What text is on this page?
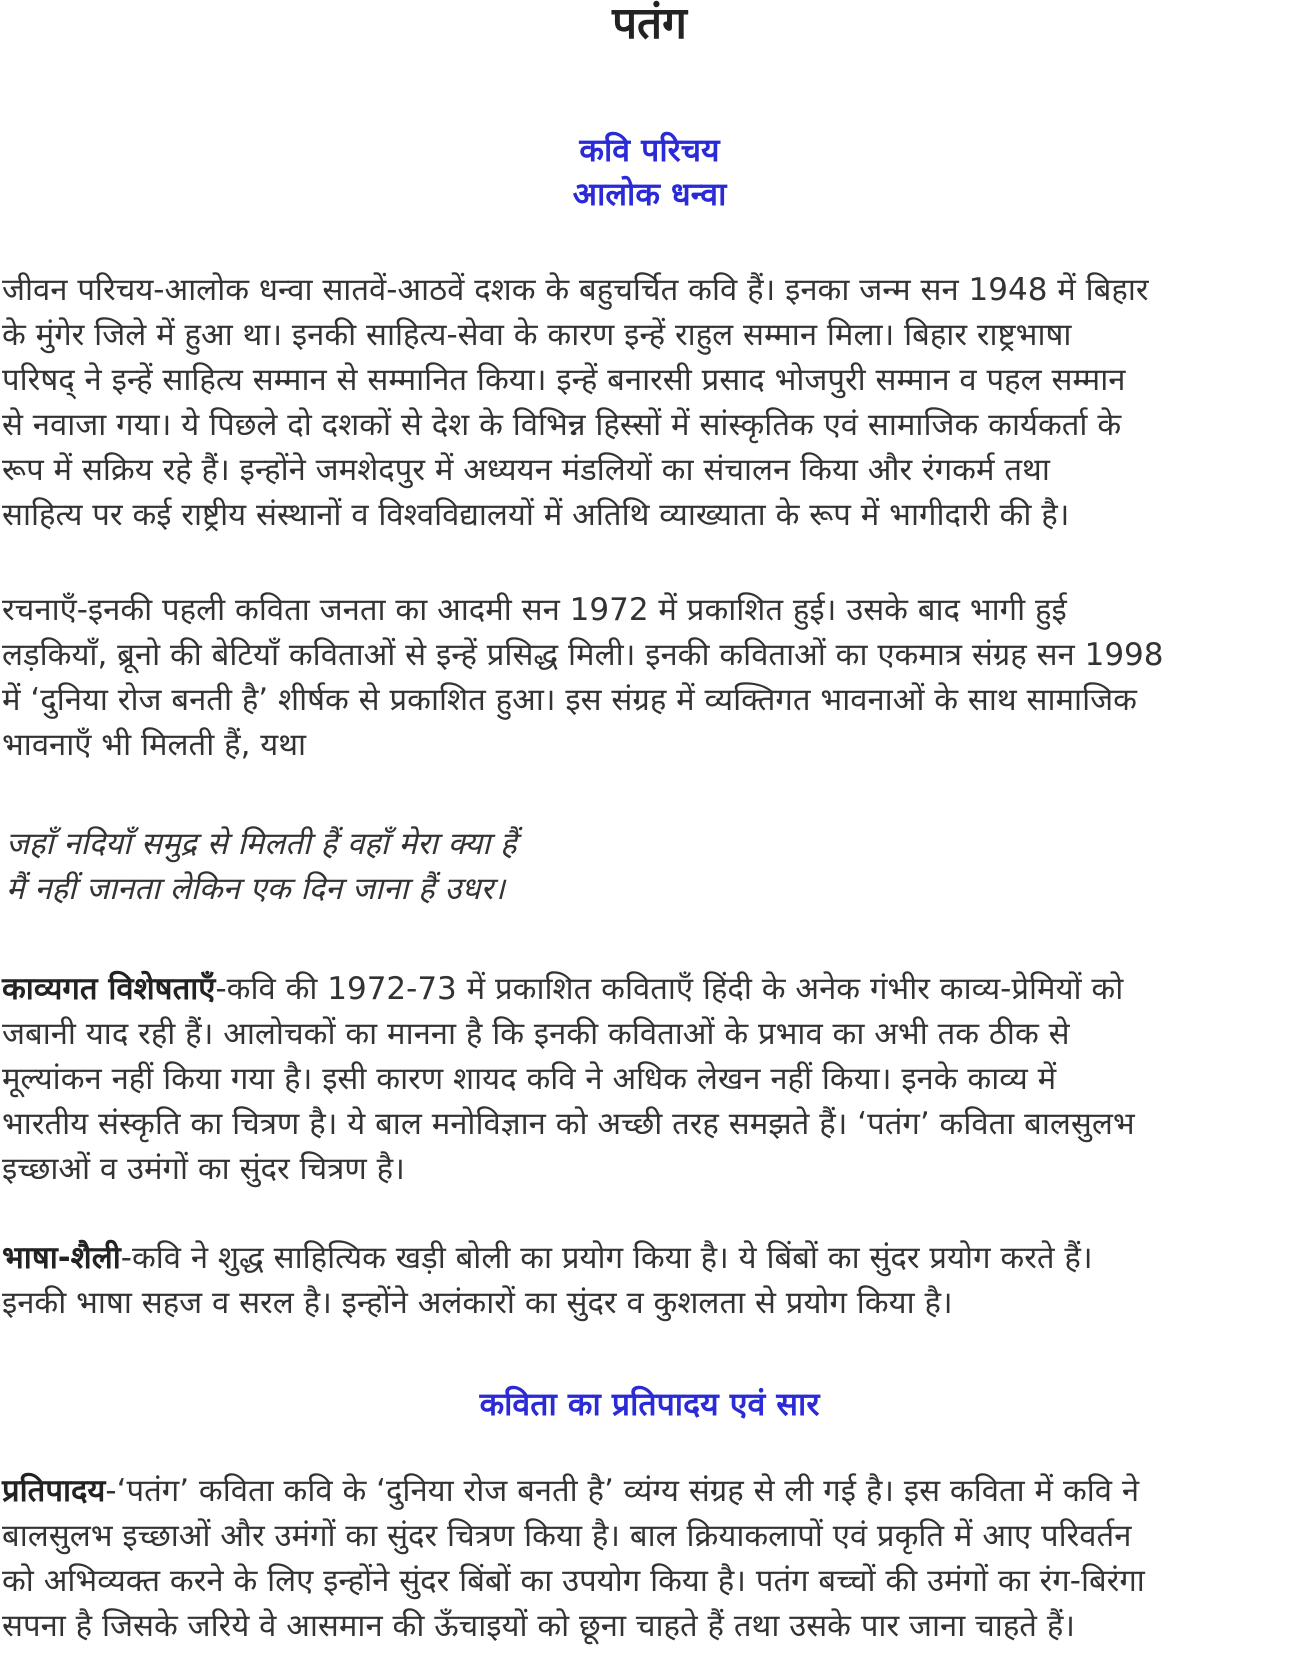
पतंग
कवि परिचय
आलोक धन्वा

जीवन परिचय-आलोक धन्वा सातवें-आठवें दशक के बहुचर्चित कवि हैं। इनका जन्म सन 1948 में बिहार
के मुंगेर जिले में हुआ था। इनकी साहित्य-सेवा के कारण इन्हें राहुल सम्मान मिला। बिहार राष्ट्रभाषा
परिषद् ने इन्हें साहित्य सम्मान से सम्मानित किया। इन्हें बनारसी प्रसाद भोजपुरी सम्मान व पहल सम्मान
से नवाजा गया। ये पिछले दो दशकों से देश के विभिन्न हिस्सों में सांस्कृतिक एवं सामाजिक कार्यकर्ता के
रूप में सक्रिय रहे हैं। इन्होंने जमशेदपुर में अध्ययन मंडलियों का संचालन किया और रंगकर्म तथा
साहित्य पर कई राष्ट्रीय संस्थानों व विश्वविद्यालयों में अतिथि व्याख्याता के रूप में भागीदारी की है।

रचनाएँ-इनकी पहली कविता जनता का आदमी सन 1972 में प्रकाशित हुई। उसके बाद भागी हुई
लड़कियाँ, ब्रूनो की बेटियाँ कविताओं से इन्हें प्रसिद्ध मिली। इनकी कविताओं का एकमात्र संग्रह सन 1998
में ‘दुनिया रोज बनती है’ शीर्षक से प्रकाशित हुआ। इस संग्रह में व्यक्तिगत भावनाओं के साथ सामाजिक
भावनाएँ भी मिलती हैं, यथा

जहाँ नदियाँ समुद्र से मिलती हैं वहाँ मेरा क्या हैं
मैं नहीं जानता लेकिन एक दिन जाना हैं उधर।

काव्यगत विशेषताएँ-कवि की 1972-73 में प्रकाशित कविताएँ हिंदी के अनेक गंभीर काव्य-प्रेमियों को
जबानी याद रही हैं। आलोचकों का मानना है कि इनकी कविताओं के प्रभाव का अभी तक ठीक से
मूल्यांकन नहीं किया गया है। इसी कारण शायद कवि ने अधिक लेखन नहीं किया। इनके काव्य में
भारतीय संस्कृति का चित्रण है। ये बाल मनोविज्ञान को अच्छी तरह समझते हैं। ‘पतंग’ कविता बालसुलभ
इच्छाओं व उमंगों का सुंदर चित्रण है।

भाषा-शैली-कवि ने शुद्ध साहित्यिक खड़ी बोली का प्रयोग किया है। ये बिंबों का सुंदर प्रयोग करते हैं।
इनकी भाषा सहज व सरल है। इन्होंने अलंकारों का सुंदर व कुशलता से प्रयोग किया है।

कविता का प्रतिपादय एवं सार

प्रतिपादय-‘पतंग’ कविता कवि के ‘दुनिया रोज बनती है’ व्यंग्य संग्रह से ली गई है। इस कविता में कवि ने
बालसुलभ इच्छाओं और उमंगों का सुंदर चित्रण किया है। बाल क्रियाकलापों एवं प्रकृति में आए परिवर्तन
को अभिव्यक्त करने के लिए इन्होंने सुंदर बिंबों का उपयोग किया है। पतंग बच्चों की उमंगों का रंग-बिरंगा
सपना है जिसके जरिये वे आसमान की ऊँचाइयों को छूना चाहते हैं तथा उसके पार जाना चाहते हैं।
